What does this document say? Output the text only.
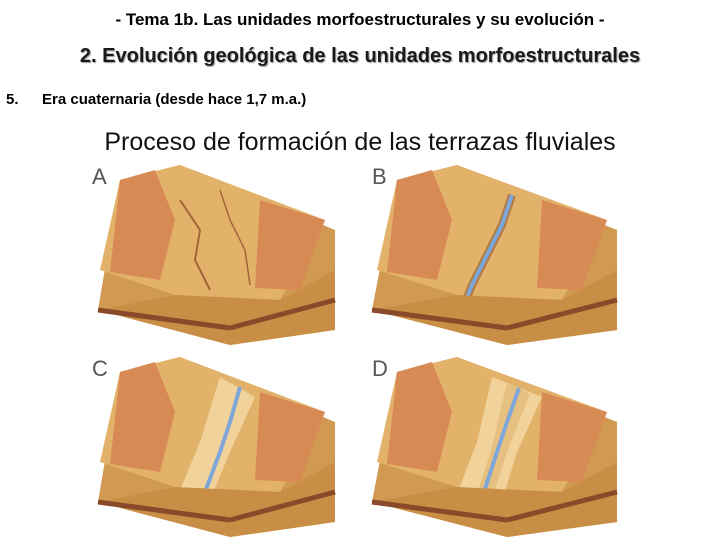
- Tema 1b. Las unidades morfoestructurales y su evolución -
2. Evolución geológica de las unidades morfoestructurales
5.	Era cuaternaria (desde hace 1,7 m.a.)
Proceso de formación de las terrazas fluviales
A	B
C	D
